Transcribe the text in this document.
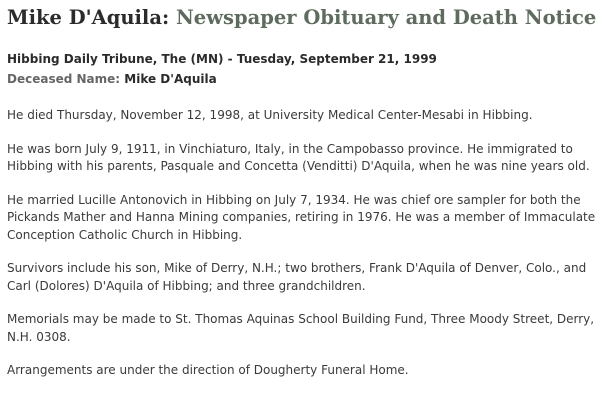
Mike D'Aquila: Newspaper Obituary and Death Notice
Hibbing Daily Tribune, The (MN) - Tuesday, September 21, 1999
Deceased Name: Mike D'Aquila

He died Thursday, November 12, 1998, at University Medical Center-Mesabi in Hibbing.

He was born July 9, 1911, in Vinchiaturo, Italy, in the Campobasso province. He immigrated to Hibbing with his parents, Pasquale and Concetta (Venditti) D'Aquila, when he was nine years old.

He married Lucille Antonovich in Hibbing on July 7, 1934. He was chief ore sampler for both the Pickands Mather and Hanna Mining companies, retiring in 1976. He was a member of Immaculate Conception Catholic Church in Hibbing.

Survivors include his son, Mike of Derry, N.H.; two brothers, Frank D'Aquila of Denver, Colo., and Carl (Dolores) D'Aquila of Hibbing; and three grandchildren.

Memorials may be made to St. Thomas Aquinas School Building Fund, Three Moody Street, Derry, N.H. 0308.

Arrangements are under the direction of Dougherty Funeral Home.
